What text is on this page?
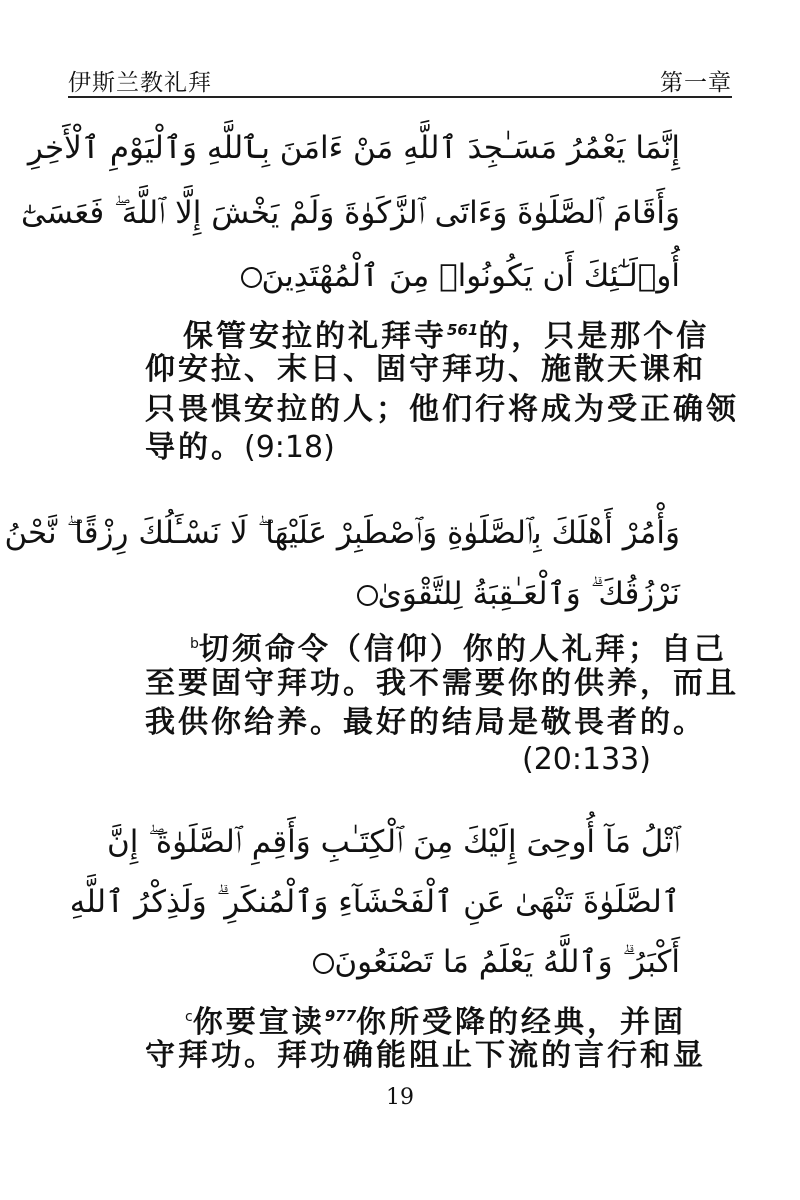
伊斯兰教礼拜	第一章
إِنَّمَا يَعْمُرُ مَسَـٰجِدَ ٱللَّهِ مَنْ ءَامَنَ بِٱللَّهِ وَٱلْيَوْمِ ٱلْأَخِرِ
وَأَقَامَ ٱلصَّلَوٰةَ وَءَاتَى ٱلزَّكَوٰةَ وَلَمْ يَخْشَ إِلَّا ٱللَّهَ ۖ فَعَسَىٰٓ
أُو۟لَـٰٓئِكَ أَن يَكُونُوا۟ مِنَ ٱلْمُهْتَدِينَ
保管安拉的礼拜寺$^{561}$的，只是那个信
仰安拉、末日、固守拜功、施散天课和
只畏惧安拉的人；他们行将成为受正确领
导的。(9:18)
وَأْمُرْ أَهْلَكَ بِٱلصَّلَوٰةِ وَٱصْطَبِرْ عَلَيْهَا ۖ لَا نَسْـَٔلُكَ رِزْقًا ۖ نَّحْنُ
نَرْزُقُكَ ۗ وَٱلْعَـٰقِبَةُ لِلتَّقْوَىٰ
$^b$切须命令（信仰）你的人礼拜；自己
至要固守拜功。我不需要你的供养，而且
我供你给养。最好的结局是敬畏者的。
(20:133)
ٱتْلُ مَآ أُوحِىَ إِلَيْكَ مِنَ ٱلْكِتَـٰبِ وَأَقِمِ ٱلصَّلَوٰةَ ۖ إِنَّ
ٱلصَّلَوٰةَ تَنْهَىٰ عَنِ ٱلْفَحْشَآءِ وَٱلْمُنكَرِ ۗ وَلَذِكْرُ ٱللَّهِ
أَكْبَرُ ۗ وَٱللَّهُ يَعْلَمُ مَا تَصْنَعُونَ
$^c$你要宣读$^{977}$你所受降的经典，并固
守拜功。拜功确能阻止下流的言行和显
19
